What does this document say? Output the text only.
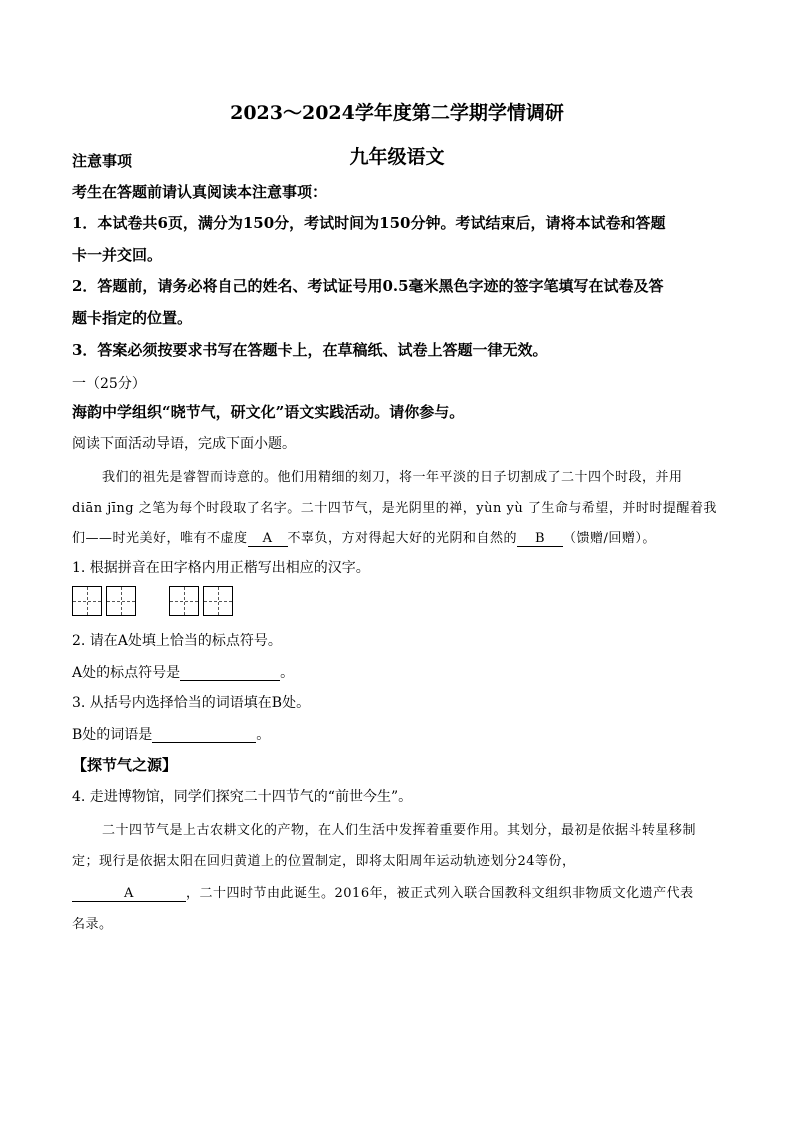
2023～2024学年度第二学期学情调研
九年级语文
注意事项
考生在答题前请认真阅读本注意事项：
1．本试卷共6页，满分为150分，考试时间为150分钟。考试结束后，请将本试卷和答题
卡一并交回。
2．答题前，请务必将自己的姓名、考试证号用0.5毫米黑色字迹的签字笔填写在试卷及答
题卡指定的位置。
3．答案必须按要求书写在答题卡上，在草稿纸、试卷上答题一律无效。
一（25分）
海韵中学组织“晓节气，研文化”语文实践活动。请你参与。
阅读下面活动导语，完成下面小题。
我们的祖先是睿智而诗意的。他们用精细的刻刀，将一年平淡的日子切割成了二十四个时段，并用
diān jīng 之笔为每个时段取了名字。二十四节气，是光阴里的禅，yùn yù 了生命与希望，并时时提醒着我
们——时光美好，唯有不虚度 A 不辜负，方对得起大好的光阴和自然的 B （馈赠/回赠）。
1. 根据拼音在田字格内用正楷写出相应的汉字。
2. 请在A处填上恰当的标点符号。
A处的标点符号是	。
3. 从括号内选择恰当的词语填在B处。
B处的词语是	。
【探节气之源】
4. 走进博物馆，同学们探究二十四节气的“前世今生”。
二十四节气是上古农耕文化的产物，在人们生活中发挥着重要作用。其划分，最初是依据斗转星移制
定；现行是依据太阳在回归黄道上的位置制定，即将太阳周年运动轨迹划分24等份，
A	，二十四时节由此诞生。2016年，被正式列入联合国教科文组织非物质文化遗产代表
名录。
